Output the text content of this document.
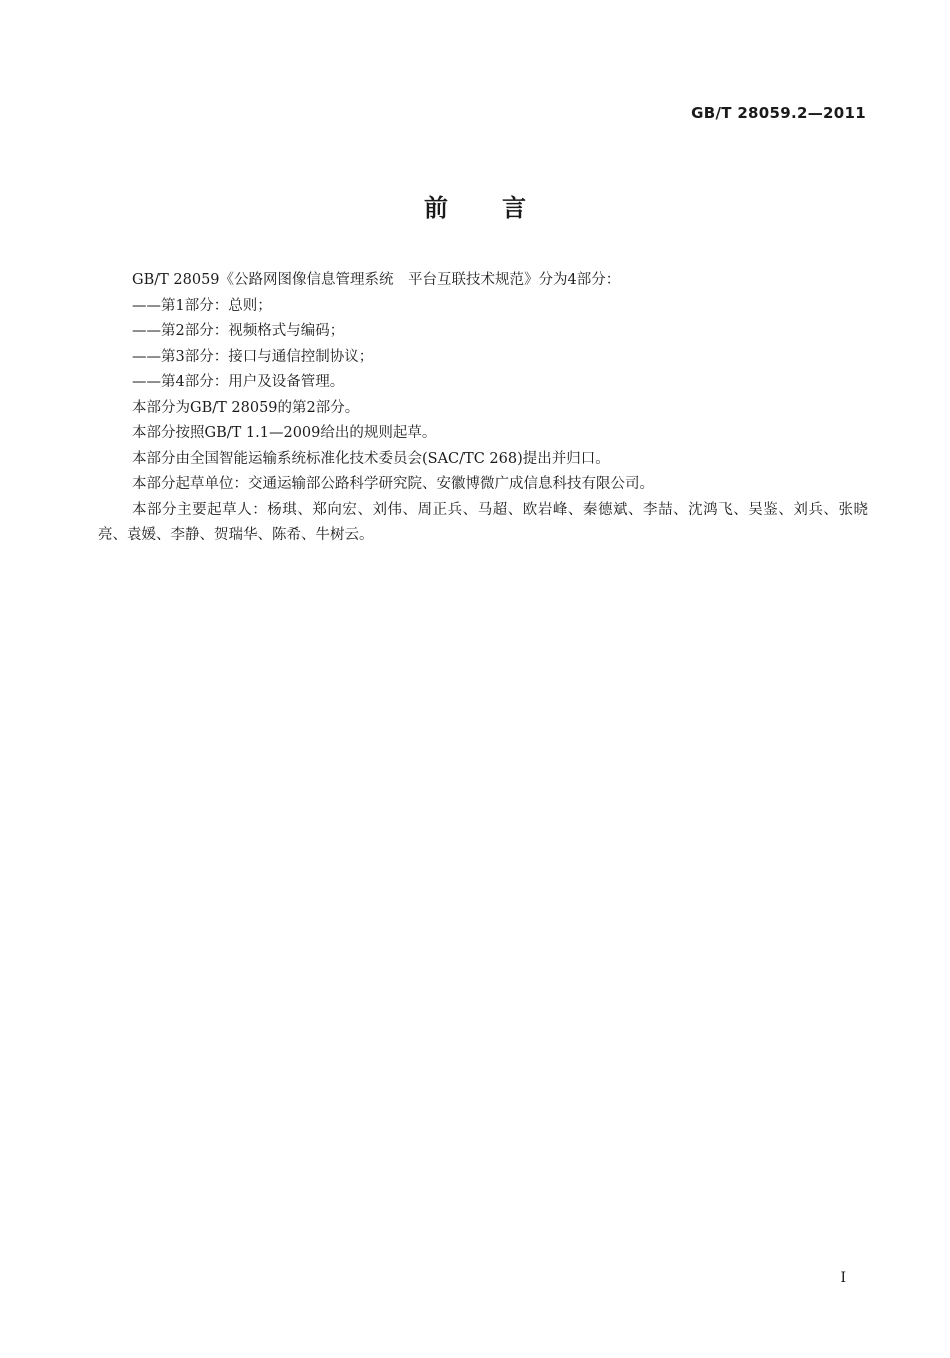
GB/T 28059.2—2011
前言
GB/T 28059《公路网图像信息管理系统　平台互联技术规范》分为4部分：
——第1部分：总则；
——第2部分：视频格式与编码；
——第3部分：接口与通信控制协议；
——第4部分：用户及设备管理。
本部分为GB/T 28059的第2部分。
本部分按照GB/T 1.1—2009给出的规则起草。
本部分由全国智能运输系统标准化技术委员会(SAC/TC 268)提出并归口。
本部分起草单位：交通运输部公路科学研究院、安徽博微广成信息科技有限公司。
本部分主要起草人：杨琪、郑向宏、刘伟、周正兵、马超、欧岩峰、秦德斌、李喆、沈鸿飞、吴鉴、刘兵、张晓亮、袁媛、李静、贺瑞华、陈希、牛树云。
I
